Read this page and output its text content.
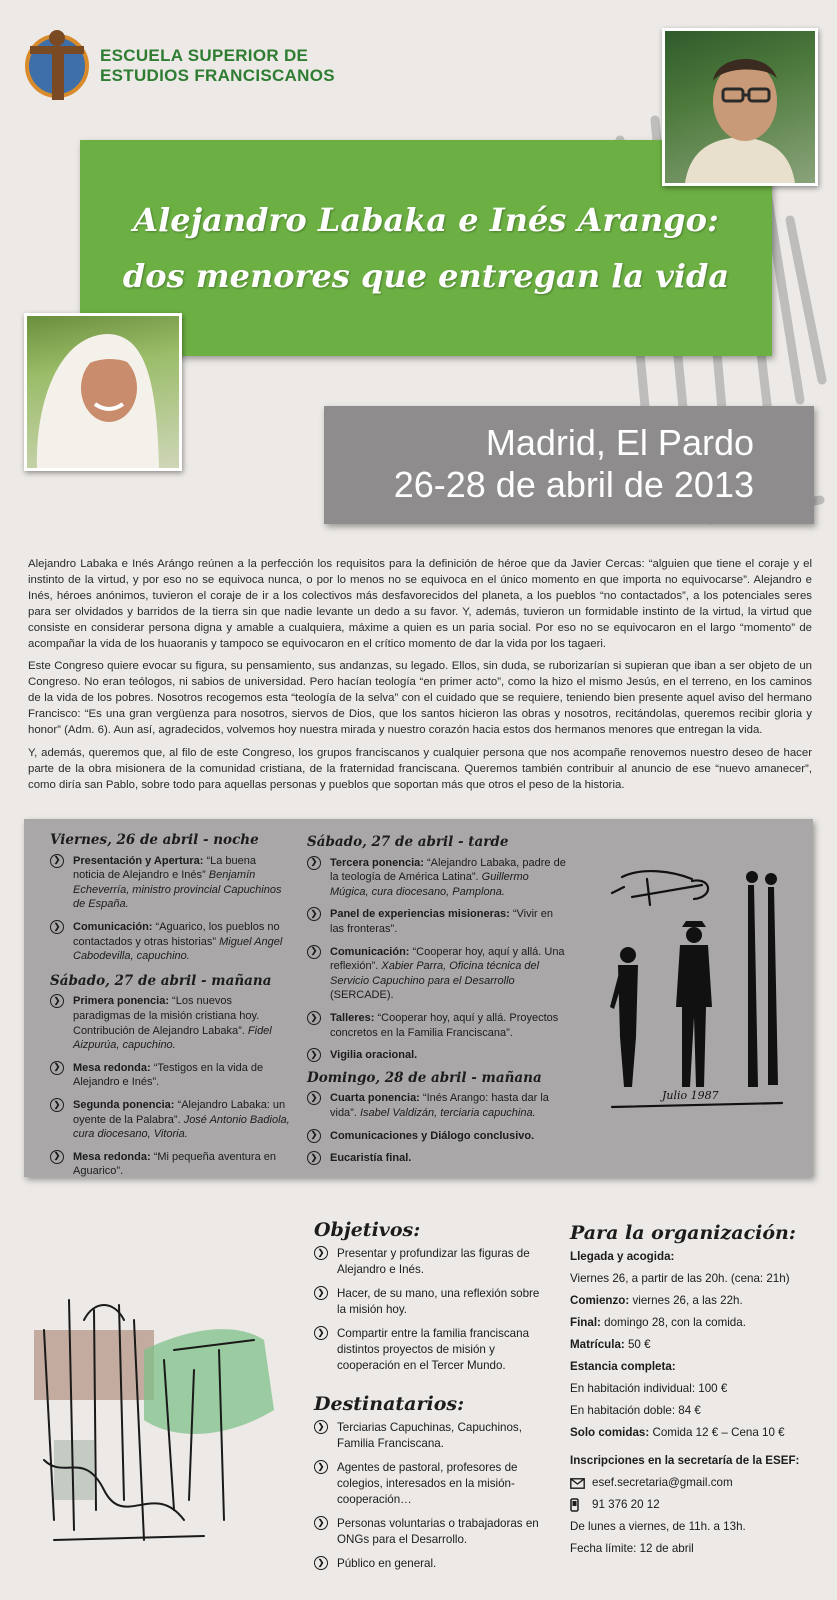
ESCUELA SUPERIOR DE
ESTUDIOS FRANCISCANOS
Alejandro Labaka e Inés Arango:
dos menores que entregan la vida
Madrid, El Pardo
26-28 de abril de 2013

Alejandro Labaka e Inés Arángo reúnen a la perfección los requisitos para la definición de héroe que da Javier Cercas: “alguien que tiene el coraje y el instinto de la virtud, y por eso no se equivoca nunca, o por lo menos no se equivoca en el único momento en que importa no equivocarse”. Alejandro e Inés, héroes anónimos, tuvieron el coraje de ir a los colectivos más desfavorecidos del planeta, a los pueblos “no contactados”, a los potenciales seres para ser olvidados y barridos de la tierra sin que nadie levante un dedo a su favor. Y, además, tuvieron un formidable instinto de la virtud, la virtud que consiste en considerar persona digna y amable a cualquiera, máxime a quien es un paria social. Por eso no se equivocaron en el largo “momento” de acompañar la vida de los huaoranis y tampoco se equivocaron en el crítico momento de dar la vida por los tagaeri.

Este Congreso quiere evocar su figura, su pensamiento, sus andanzas, su legado. Ellos, sin duda, se ruborizarían si supieran que iban a ser objeto de un Congreso. No eran teólogos, ni sabios de universidad. Pero hacían teología “en primer acto”, como la hizo el mismo Jesús, en el terreno, en los caminos de la vida de los pobres. Nosotros recogemos esta “teología de la selva” con el cuidado que se requiere, teniendo bien presente aquel aviso del hermano Francisco: “Es una gran vergüenza para nosotros, siervos de Dios, que los santos hicieron las obras y nosotros, recitándolas, queremos recibir gloria y honor” (Adm. 6). Aun así, agradecidos, volvemos hoy nuestra mirada y nuestro corazón hacia estos dos hermanos menores que entregan la vida.

Y, además, queremos que, al filo de este Congreso, los grupos franciscanos y cualquier persona que nos acompañe renovemos nuestro deseo de hacer parte de la obra misionera de la comunidad cristiana, de la fraternidad franciscana. Queremos también contribuir al anuncio de ese “nuevo amanecer”, como diría san Pablo, sobre todo para aquellas personas y pueblos que soportan más que otros el peso de la historia.

Viernes, 26 de abril - noche
❯	Presentación y Apertura: “La buena noticia de Alejandro e Inés” Benjamín Echeverría, ministro provincial Capuchinos de España.
❯	Comunicación: “Aguarico, los pueblos no contactados y otras historias” Miguel Angel Cabodevilla, capuchino.
Sábado, 27 de abril - mañana
❯	Primera ponencia: “Los nuevos paradigmas de la misión cristiana hoy. Contribución de Alejandro Labaka”. Fidel Aizpurúa, capuchino.
❯	Mesa redonda: “Testigos en la vida de Alejandro e Inés”.
❯	Segunda ponencia: “Alejandro Labaka: un oyente de la Palabra”. José Antonio Badiola, cura diocesano, Vitoria.
❯	Mesa redonda: “Mi pequeña aventura en Aguarico”.
Sábado, 27 de abril - tarde
❯	Tercera ponencia: “Alejandro Labaka, padre de la teología de América Latina”. Guillermo Múgica, cura diocesano, Pamplona.
❯	Panel de experiencias misioneras: “Vivir en las fronteras”.
❯	Comunicación: “Cooperar hoy, aquí y allá. Una reflexión”. Xabier Parra, Oficina técnica del Servicio Capuchino para el Desarrollo (SERCADE).
❯	Talleres: “Cooperar hoy, aquí y allá. Proyectos concretos en la Familia Franciscana”.
❯	Vigilia oracional.
Domingo, 28 de abril - mañana
❯	Cuarta ponencia: “Inés Arango: hasta dar la vida”. Isabel Valdizán, terciaria capuchina.
❯	Comunicaciones y Diálogo conclusivo.
❯	Eucaristía final.
Julio 1987
Objetivos:
❯	Presentar y profundizar las figuras de Alejandro e Inés.
❯	Hacer, de su mano, una reflexión sobre la misión hoy.
❯	Compartir entre la familia franciscana distintos proyectos de misión y cooperación en el Tercer Mundo.
Destinatarios:
❯	Terciarias Capuchinas, Capuchinos, Familia Franciscana.
❯	Agentes de pastoral, profesores de colegios, interesados en la misión-cooperación…
❯	Personas voluntarias o trabajadoras en ONGs para el Desarrollo.
❯	Público en general.
Para la organización:
Llegada y acogida:
Viernes 26, a partir de las 20h. (cena: 21h)
Comienzo: viernes 26, a las 22h.
Final: domingo 28, con la comida.
Matrícula: 50 €
Estancia completa:
En habitación individual: 100 €
En habitación doble: 84 €
Solo comidas: Comida 12 € – Cena 10 €
Inscripciones en la secretaría de la ESEF:
esef.secretaria@gmail.com
91 376 20 12
De lunes a viernes, de 11h. a 13h.
Fecha límite: 12 de abril
